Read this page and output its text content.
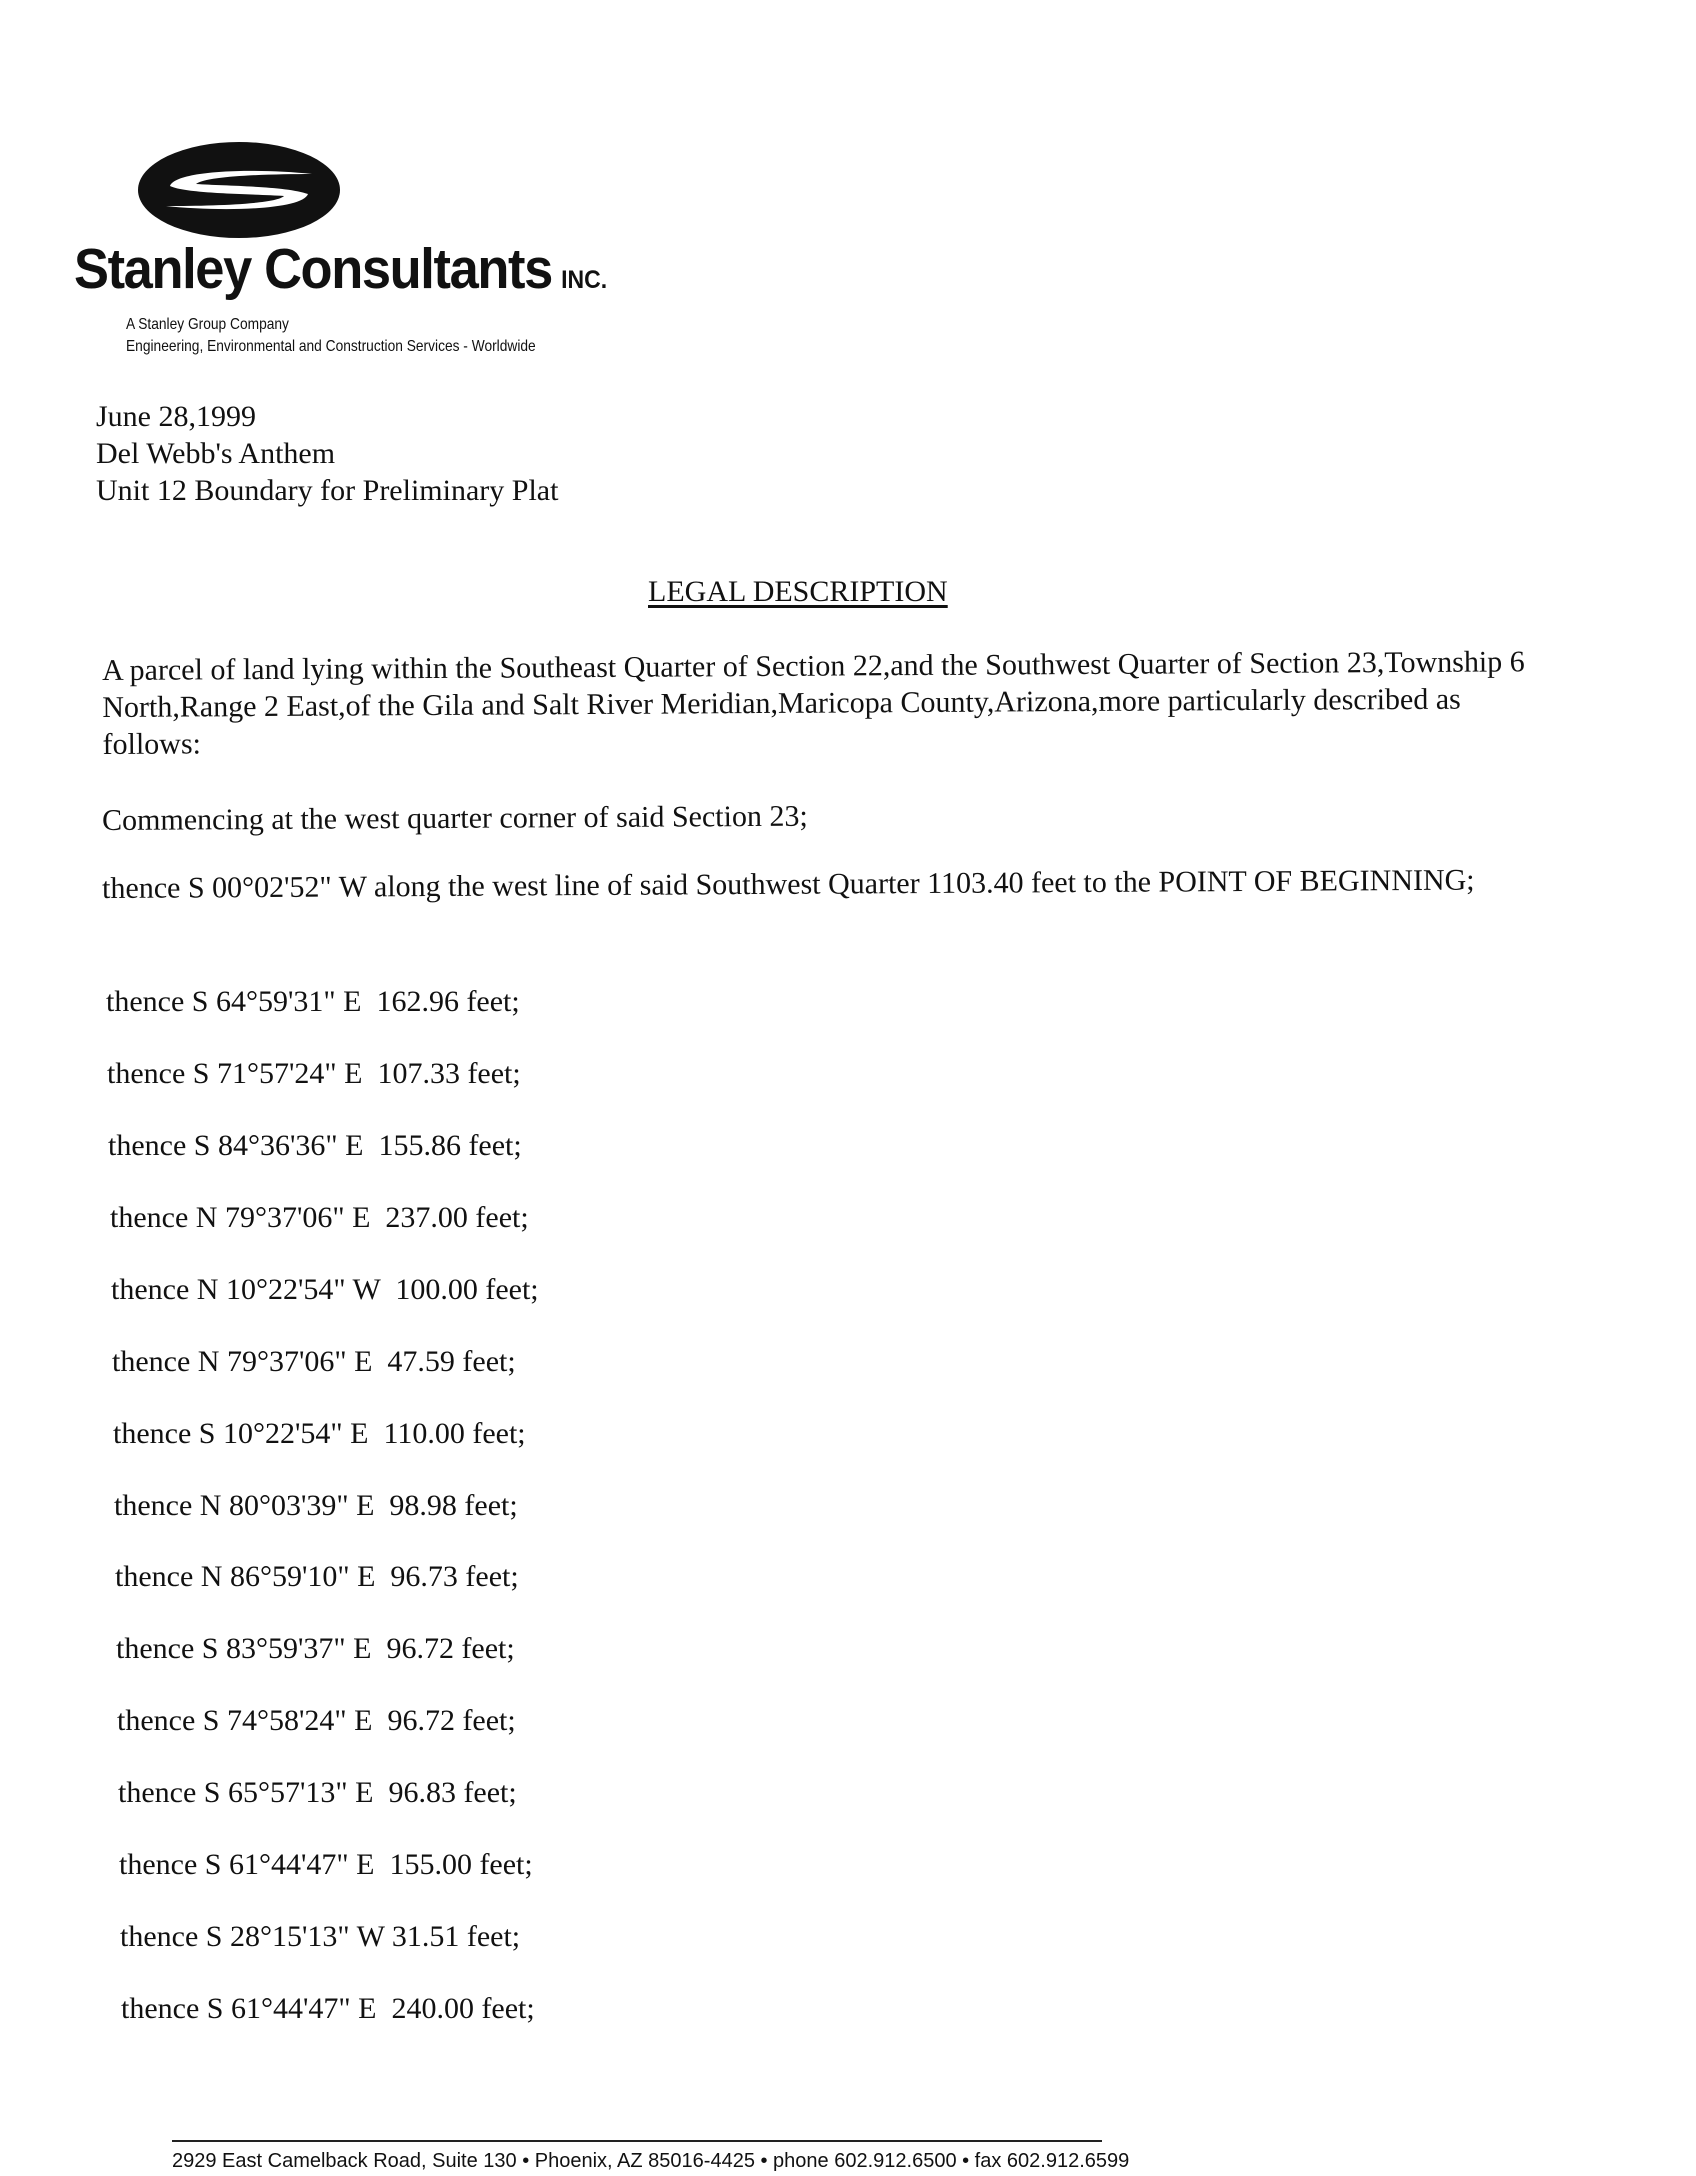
Stanley Consultants INC.
A Stanley Group Company
Engineering, Environmental and Construction Services - Worldwide
June 28,1999
Del Webb's Anthem
Unit 12 Boundary for Preliminary Plat
LEGAL DESCRIPTION
A parcel of land lying within the Southeast Quarter of Section 22,and the Southwest Quarter of Section 23,Township 6 North,Range 2 East,of the Gila and Salt River Meridian,Maricopa County,Arizona,more particularly described as follows:
Commencing at the west quarter corner of said Section 23;
thence S 00°02'52" W along the west line of said Southwest Quarter 1103.40 feet to the POINT OF BEGINNING;
thence S 64°59'31" E  162.96 feet;
thence S 71°57'24" E  107.33 feet;
thence S 84°36'36" E  155.86 feet;
thence N 79°37'06" E  237.00 feet;
thence N 10°22'54" W  100.00 feet;
thence N 79°37'06" E  47.59 feet;
thence S 10°22'54" E  110.00 feet;
thence N 80°03'39" E  98.98 feet;
thence N 86°59'10" E  96.73 feet;
thence S 83°59'37" E  96.72 feet;
thence S 74°58'24" E  96.72 feet;
thence S 65°57'13" E  96.83 feet;
thence S 61°44'47" E  155.00 feet;
thence S 28°15'13" W 31.51 feet;
thence S 61°44'47" E  240.00 feet;
2929 East Camelback Road, Suite 130 • Phoenix, AZ 85016-4425 • phone 602.912.6500 • fax 602.912.6599
